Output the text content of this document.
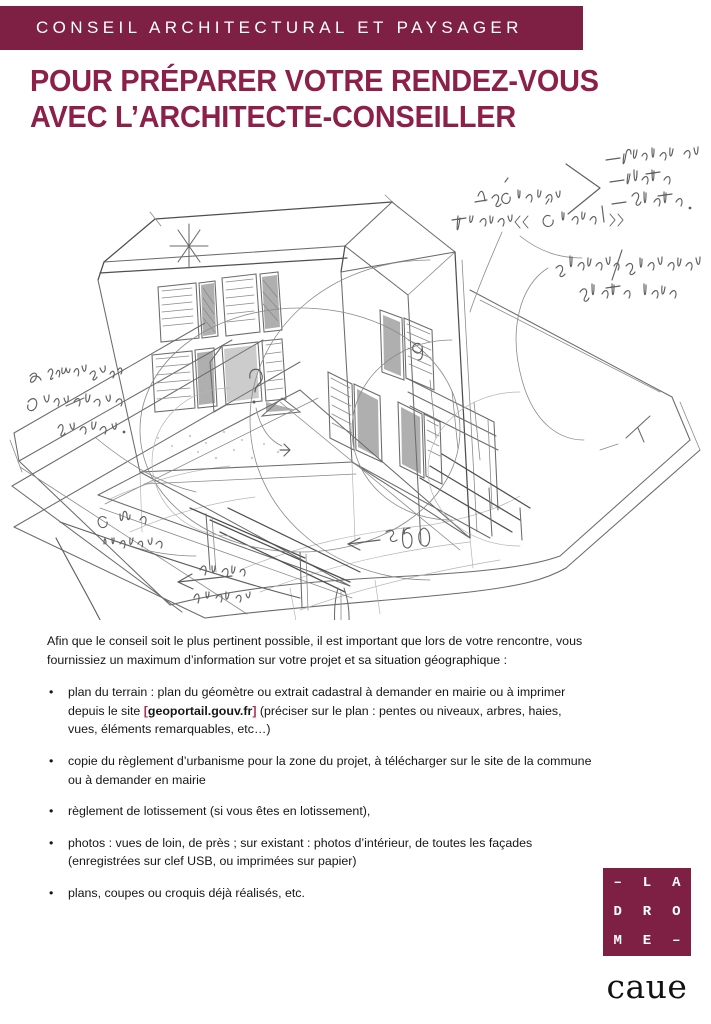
CONSEIL ARCHITECTURAL ET PAYSAGER
POUR PRÉPARER VOTRE RENDEZ-VOUS
AVEC L’ARCHITECTE-CONSEILLER

Afin que le conseil soit le plus pertinent possible, il est important que lors de votre rencontre, vous fournissiez un maximum d’information sur votre projet et sa situation géographique :

• plan du terrain : plan du géomètre ou extrait cadastral à demander en mairie ou à imprimer depuis le site [geoportail.gouv.fr] (préciser sur le plan : pentes ou niveaux, arbres, haies, vues, éléments remarquables, etc…)
• copie du règlement d’urbanisme pour la zone du projet, à télécharger sur le site de la commune ou à demander en mairie
• règlement de lotissement (si vous êtes en lotissement),
• photos : vues de loin, de près ; sur existant : photos d’intérieur, de toutes les façades (enregistrées sur clef USB, ou imprimées sur papier)
• plans, coupes ou croquis déjà réalisés, etc.
– L A
D R O
M E –
caue
